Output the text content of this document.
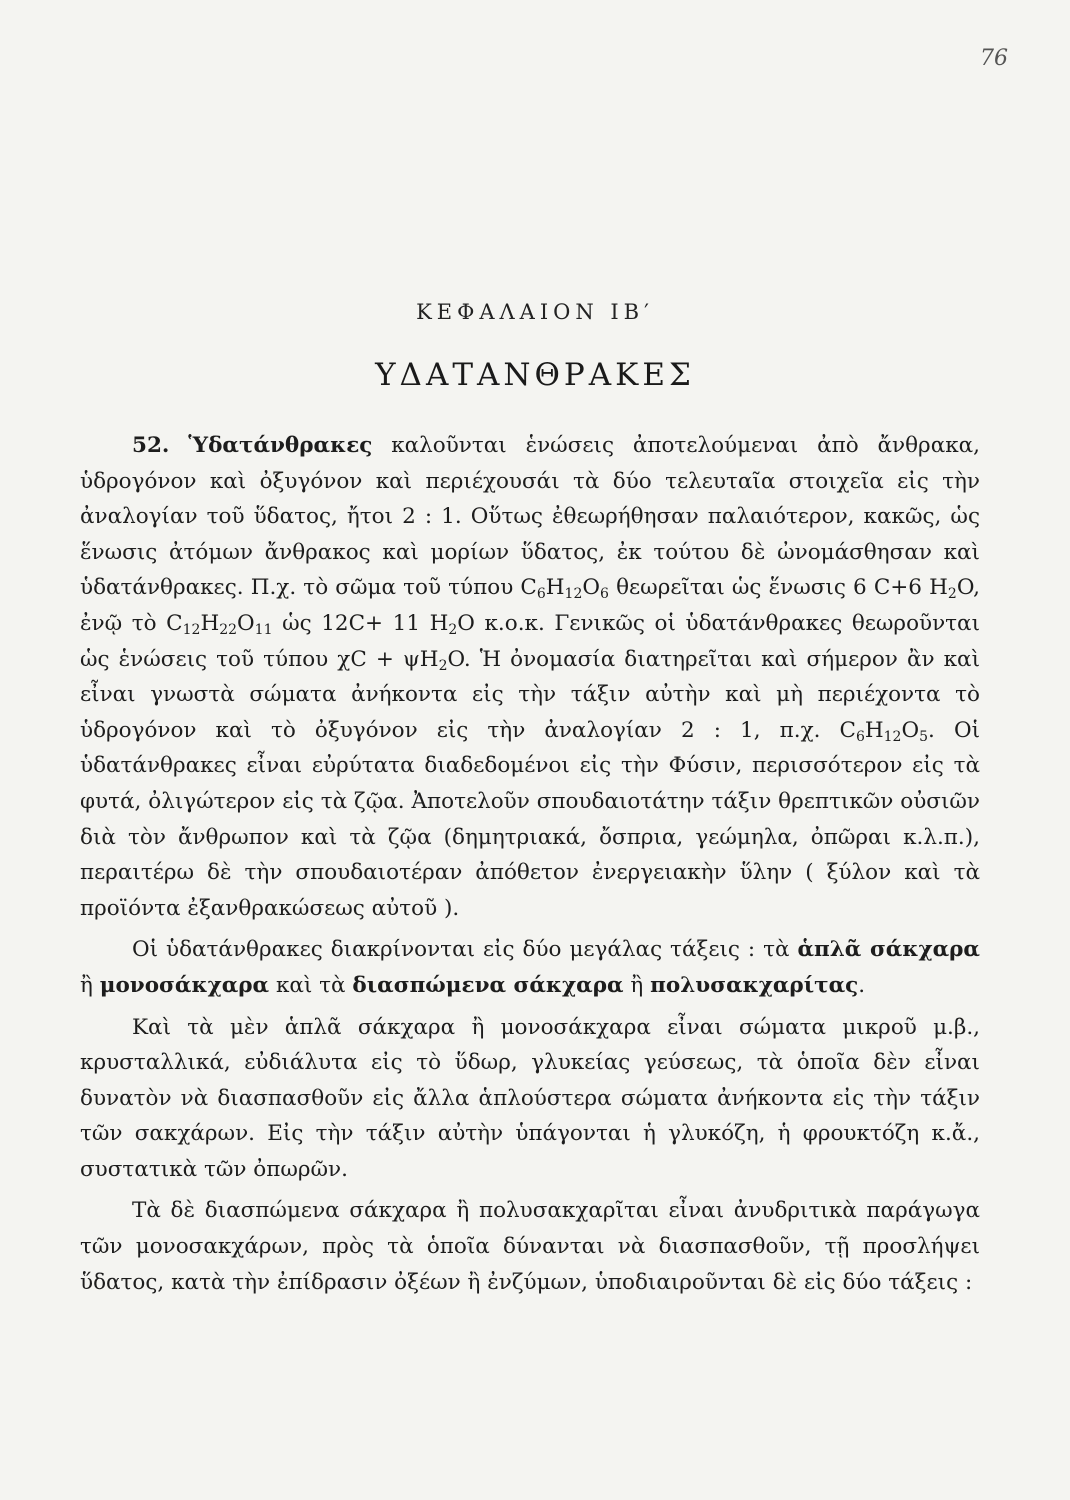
76
ΚΕΦΑΛΑΙΟΝ ΙΒ′
ΥΔΑΤΑΝΘΡΑΚΕΣ

52. Ὑδατάνθρακες καλοῦνται ἑνώσεις ἀποτελούμεναι ἀπὸ ἄνθρακα, ὑδρογόνον καὶ ὀξυγόνον καὶ περιέχουσάι τὰ δύο τελευταῖα στοιχεῖα εἰς τὴν ἀναλογίαν τοῦ ὕδατος, ἤτοι 2 : 1. Οὕτως ἐθεωρήθησαν παλαιότερον, κακῶς, ὡς ἕνωσις ἀτόμων ἄνθρακος καὶ μορίων ὕδατος, ἐκ τούτου δὲ ὠνομάσθησαν καὶ ὑδατάνθρακες. Π.χ. τὸ σῶμα τοῦ τύπου $C_6H_{12}O_6$ θεωρεῖται ὡς ἕνωσις 6 C+6 $H_2O$, ἐνῷ τὸ $C_{12}H_{22}O_{11}$ ὡς 12C+ 11 $H_2O$ κ.ο.κ. Γενικῶς οἱ ὑδατάνθρακες θεωροῦνται ὡς ἑνώσεις τοῦ τύπου $\chi C + \psi H_2O$. Ἡ ὀνομασία διατηρεῖται καὶ σήμερον ἂν καὶ εἶναι γνωστὰ σώματα ἀνήκοντα εἰς τὴν τάξιν αὐτὴν καὶ μὴ περιέχοντα τὸ ὑδρογόνον καὶ τὸ ὀξυγόνον εἰς τὴν ἀναλογίαν 2 : 1, π.χ. $C_6H_{12}O_5$. Οἱ ὑδατάνθρακες εἶναι εὐρύτατα διαδεδομένοι εἰς τὴν Φύσιν, περισσότερον εἰς τὰ φυτά, ὀλιγώτερον εἰς τὰ ζῷα. Ἀποτελοῦν σπουδαιοτάτην τάξιν θρεπτικῶν οὐσιῶν διὰ τὸν ἄνθρωπον καὶ τὰ ζῷα (δημητριακά, ὄσπρια, γεώμηλα, ὀπῶραι κ.λ.π.), περαιτέρω δὲ τὴν σπουδαιοτέραν ἀπόθετον ἐνεργειακὴν ὕλην ( ξύλον καὶ τὰ προϊόντα ἐξανθρακώσεως αὐτοῦ ).

Οἱ ὑδατάνθρακες διακρίνονται εἰς δύο μεγάλας τάξεις : τὰ ἁπλᾶ σάκχαρα ἢ μονοσάκχαρα καὶ τὰ διασπώμενα σάκχαρα ἢ πολυσακχαρίτας.

Καὶ τὰ μὲν ἁπλᾶ σάκχαρα ἢ μονοσάκχαρα εἶναι σώματα μικροῦ μ.β., κρυσταλλικά, εὐδιάλυτα εἰς τὸ ὕδωρ, γλυκείας γεύσεως, τὰ ὁποῖα δὲν εἶναι δυνατὸν νὰ διασπασθοῦν εἰς ἄλλα ἁπλούστερα σώματα ἀνήκοντα εἰς τὴν τάξιν τῶν σακχάρων. Εἰς τὴν τάξιν αὐτὴν ὑπάγονται ἡ γλυκόζη, ἡ φρουκτόζη κ.ἄ., συστατικὰ τῶν ὀπωρῶν.

Τὰ δὲ διασπώμενα σάκχαρα ἢ πολυσακχαρῖται εἶναι ἀνυδριτικὰ παράγωγα τῶν μονοσακχάρων, πρὸς τὰ ὁποῖα δύνανται νὰ διασπασθοῦν, τῇ προσλήψει ὕδατος, κατὰ τὴν ἐπίδρασιν ὀξέων ἢ ἐνζύμων, ὑποδιαιροῦνται δὲ εἰς δύο τάξεις :
